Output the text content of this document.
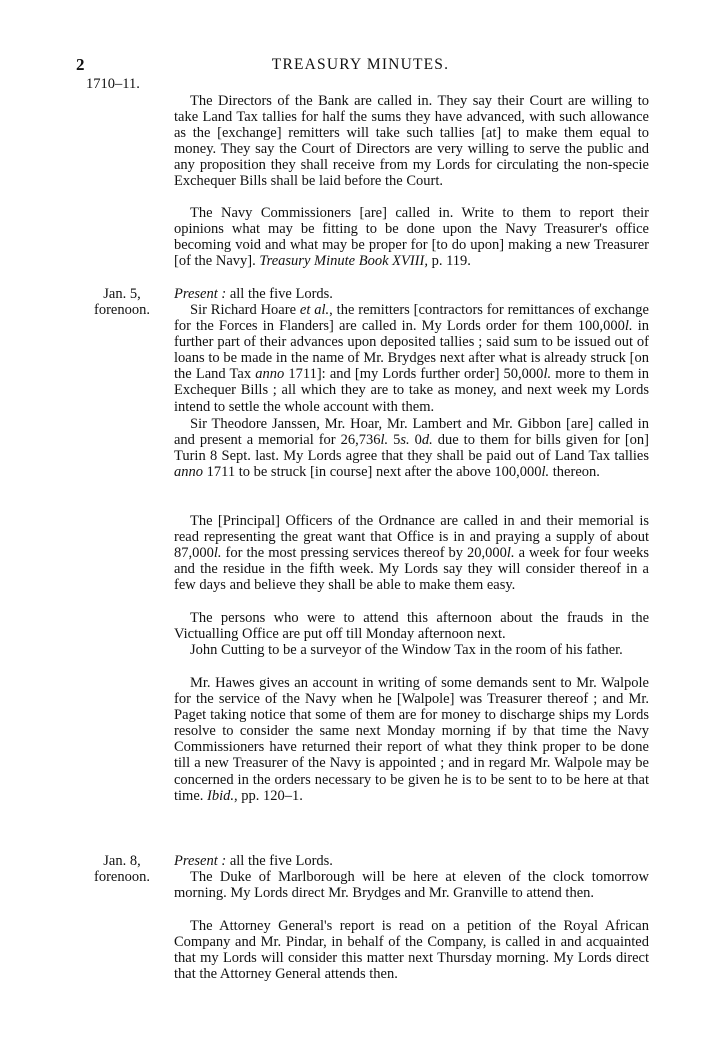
2	TREASURY MINUTES.
1710–11.

The Directors of the Bank are called in. They say their Court are willing to take Land Tax tallies for half the sums they have advanced, with such allowance as the [exchange] remitters will take such tallies [at] to make them equal to money. They say the Court of Directors are very willing to serve the public and any proposition they shall receive from my Lords for circulating the non-specie Exchequer Bills shall be laid before the Court.

The Navy Commissioners [are] called in. Write to them to report their opinions what may be fitting to be done upon the Navy Treasurer's office becoming void and what may be proper for [to do upon] making a new Treasurer [of the Navy]. Treasury Minute Book XVIII, p. 119.

Jan. 5,
forenoon.

Present : all the five Lords.

Sir Richard Hoare et al., the remitters [contractors for remittances of exchange for the Forces in Flanders] are called in. My Lords order for them 100,000l. in further part of their advances upon deposited tallies ; said sum to be issued out of loans to be made in the name of Mr. Brydges next after what is already struck [on the Land Tax anno 1711]: and [my Lords further order] 50,000l. more to them in Exchequer Bills ; all which they are to take as money, and next week my Lords intend to settle the whole account with them.

Sir Theodore Janssen, Mr. Hoar, Mr. Lambert and Mr. Gibbon [are] called in and present a memorial for 26,736l. 5s. 0d. due to them for bills given for [on] Turin 8 Sept. last. My Lords agree that they shall be paid out of Land Tax tallies anno 1711 to be struck [in course] next after the above 100,000l. thereon.

The [Principal] Officers of the Ordnance are called in and their memorial is read representing the great want that Office is in and praying a supply of about 87,000l. for the most pressing services thereof by 20,000l. a week for four weeks and the residue in the fifth week. My Lords say they will consider thereof in a few days and believe they shall be able to make them easy.

The persons who were to attend this afternoon about the frauds in the Victualling Office are put off till Monday afternoon next.

John Cutting to be a surveyor of the Window Tax in the room of his father.

Mr. Hawes gives an account in writing of some demands sent to Mr. Walpole for the service of the Navy when he [Walpole] was Treasurer thereof ; and Mr. Paget taking notice that some of them are for money to discharge ships my Lords resolve to consider the same next Monday morning if by that time the Navy Commissioners have returned their report of what they think proper to be done till a new Treasurer of the Navy is appointed ; and in regard Mr. Walpole may be concerned in the orders necessary to be given he is to be sent to to be here at that time. Ibid., pp. 120–1.

Jan. 8,
forenoon.

Present : all the five Lords.

The Duke of Marlborough will be here at eleven of the clock tomorrow morning. My Lords direct Mr. Brydges and Mr. Granville to attend then.

The Attorney General's report is read on a petition of the Royal African Company and Mr. Pindar, in behalf of the Company, is called in and acquainted that my Lords will consider this matter next Thursday morning. My Lords direct that the Attorney General attends then.
